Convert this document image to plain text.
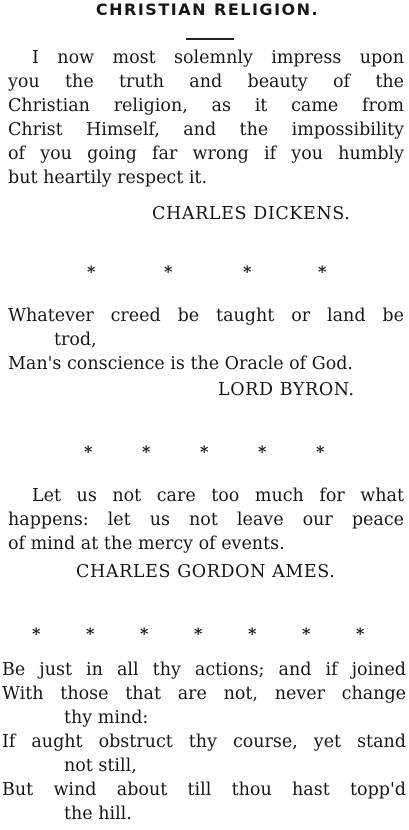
CHRISTIAN RELIGION.
I now most solemnly impress upon
you the truth and beauty of the
Christian religion, as it came from
Christ Himself, and the impossibility
of you going far wrong if you humbly
but heartily respect it.
CHARLES DICKENS.
*	*	*	*
Whatever creed be taught or land be
trod,
Man's conscience is the Oracle of God.
LORD BYRON.
*	*	*	*	*
Let us not care too much for what
happens: let us not leave our peace
of mind at the mercy of events.
CHARLES GORDON AMES.
*	*	*	*	*	*	*
Be just in all thy actions; and if joined
With those that are not, never change
thy mind:
If aught obstruct thy course, yet stand
not still,
But wind about till thou hast topp'd
the hill.
